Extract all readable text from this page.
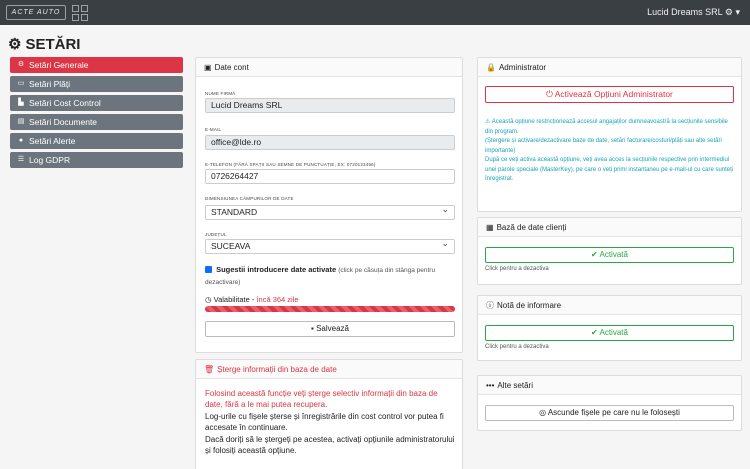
ACTE AUTO	Lucid Dreams SRL ⚙ ▾
⚙ SETĂRI
⚙ Setări Generale
▭ Setări Plăți
▙ Setări Cost Control
▤ Setări Documente
● Setări Alerte
☰ Log GDPR
▣ Date cont
NUME FIRMĂ
Lucid Dreams SRL
E-MAIL
office@lde.ro
E-TELEFON (FĂRĂ SPAȚII SAU SEMNE DE PUNCTUAȚIE, EX: 0720123456)
0726264427
DIMENSIUNEA CÂMPURILOR DE DATE
STANDARD ⌄
JUDEȚUL
SUCEAVA ⌄
Sugestii introducere date activate (click pe căsuța din stânga pentru dezactivare)
◷ Valabilitate - încă 364 zile
▪ Salvează
🗑 Șterge informații din baza de date
Folosind această funcție veți șterge selectiv informații din baza de date, fără a le mai putea recupera.
Log-urile cu fișele șterse și înregistrările din cost control vor putea fi accesate în continuare.
Dacă doriți să le ștergeți pe acestea, activați opțiunile administratorului și folosiți această opțiune.
🔒 Administrator
⏻ Activează Opțiuni Administrator
⚠ Această opțiune restricționează accesul angajaților dumneavoastră la secțiunile sensibile din program.
(Ștergere și activare/dezactivare baze de date, setări facturare/costuri/plăți sau alte setări importante)
După ce veți activa această opțiune, veți avea acces la secțiunile respective prin intermediul unei parole speciale (MasterKey), pe care o veți primi instantaneu pe e-mail-ul cu care sunteți înregistrat.
▦ Bază de date clienți
✔ Activată
Click pentru a dezactiva
ⓘ Notă de informare
✔ Activată
Click pentru a dezactiva
••• Alte setări
◎ Ascunde fișele pe care nu le folosești
